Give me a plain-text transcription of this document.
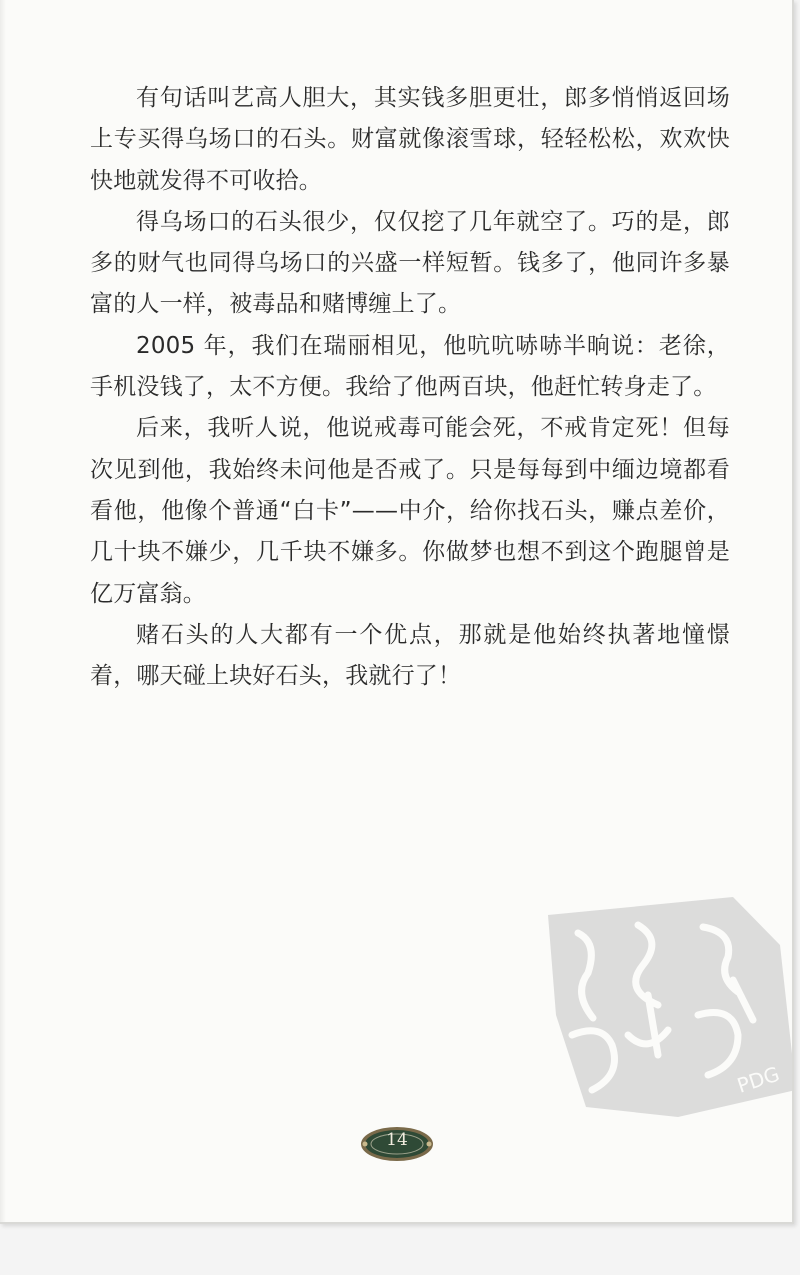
有句话叫艺高人胆大，其实钱多胆更壮，郎多悄悄返回场上专买得乌场口的石头。财富就像滚雪球，轻轻松松，欢欢快快地就发得不可收拾。

得乌场口的石头很少，仅仅挖了几年就空了。巧的是，郎多的财气也同得乌场口的兴盛一样短暂。钱多了，他同许多暴富的人一样，被毒品和赌博缠上了。

2005 年，我们在瑞丽相见，他吭吭哧哧半晌说：老徐，手机没钱了，太不方便。我给了他两百块，他赶忙转身走了。

后来，我听人说，他说戒毒可能会死，不戒肯定死！但每次见到他，我始终未问他是否戒了。只是每每到中缅边境都看看他，他像个普通“白卡”——中介，给你找石头，赚点差价，几十块不嫌少，几千块不嫌多。你做梦也想不到这个跑腿曾是亿万富翁。

赌石头的人大都有一个优点，那就是他始终执著地憧憬着，哪天碰上块好石头，我就行了！

PDG
14
